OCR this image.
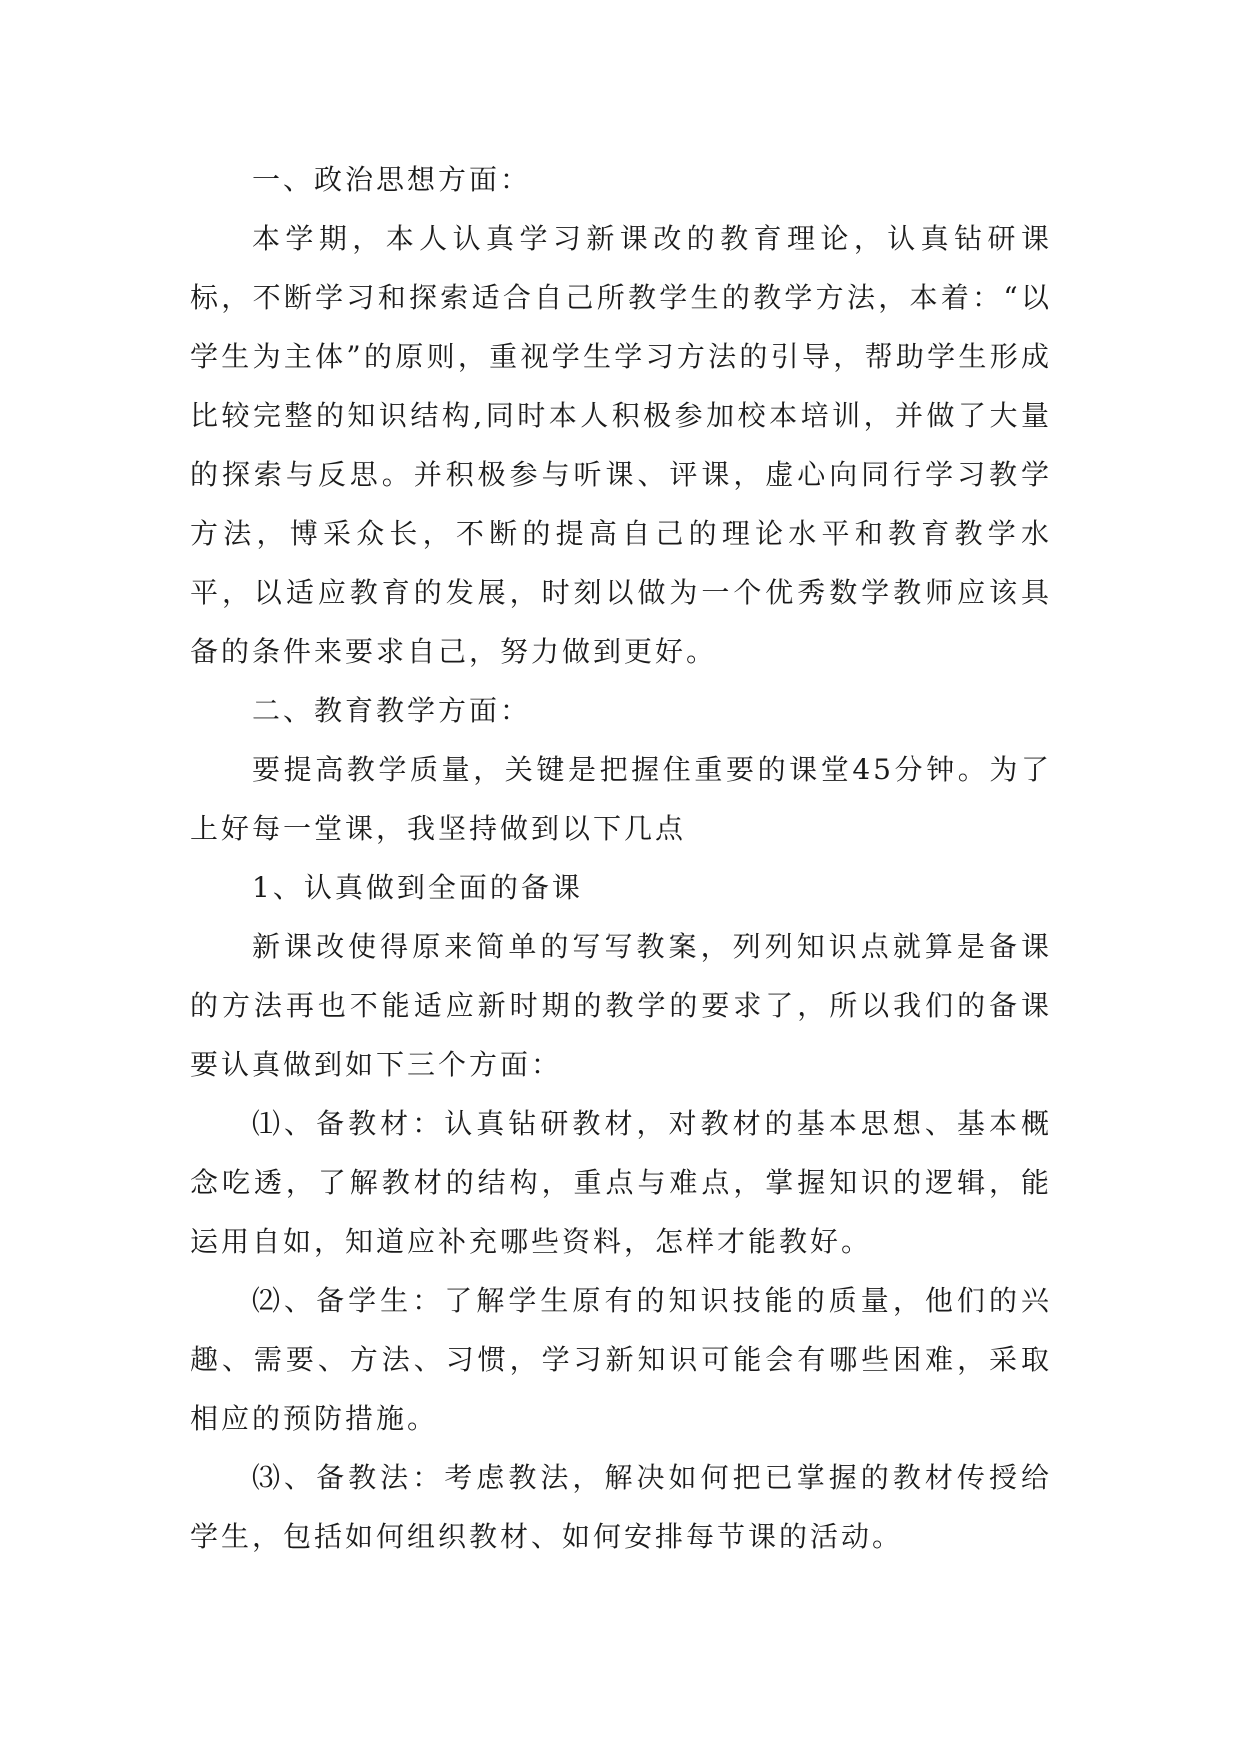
一、政治思想方面：

本学期，本人认真学习新课改的教育理论，认真钻研课标，不断学习和探索适合自己所教学生的教学方法，本着：“以学生为主体”的原则，重视学生学习方法的引导，帮助学生形成比较完整的知识结构,同时本人积极参加校本培训，并做了大量的探索与反思。并积极参与听课、评课，虚心向同行学习教学方法，博采众长，不断的提高自己的理论水平和教育教学水平，以适应教育的发展，时刻以做为一个优秀数学教师应该具备的条件来要求自己，努力做到更好。

二、教育教学方面：

要提高教学质量，关键是把握住重要的课堂45分钟。为了上好每一堂课，我坚持做到以下几点

1、认真做到全面的备课

新课改使得原来简单的写写教案，列列知识点就算是备课的方法再也不能适应新时期的教学的要求了，所以我们的备课要认真做到如下三个方面：

⑴、备教材：认真钻研教材，对教材的基本思想、基本概念吃透，了解教材的结构，重点与难点，掌握知识的逻辑，能运用自如，知道应补充哪些资料，怎样才能教好。

⑵、备学生：了解学生原有的知识技能的质量，他们的兴趣、需要、方法、习惯，学习新知识可能会有哪些困难，采取相应的预防措施。

⑶、备教法：考虑教法，解决如何把已掌握的教材传授给学生，包括如何组织教材、如何安排每节课的活动。
